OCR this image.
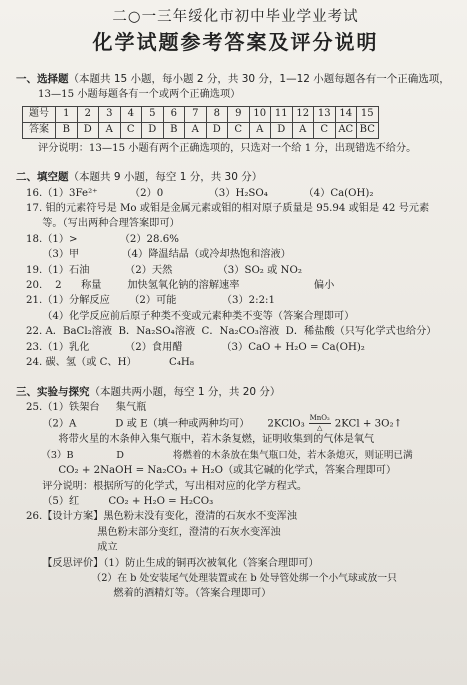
二○一三年绥化市初中毕业学业考试
化学试题参考答案及评分说明
一、选择题（本题共 15 小题，每小题 2 分，共 30 分，1—12 小题每题各有一个正确选项，
13—15 小题每题各有一个或两个正确选项）
题号	1	2	3	4	5	6	7	8	9	10	11	12	13	14	15
答案	B	D	A	C	D	B	A	D	C	A	D	A	C	AC	BC
评分说明：13—15 小题有两个正确选项的，只选对一个给 1 分，出现错选不给分。
二、填空题（本题共 9 小题，每空 1 分，共 30 分）
16.（1）3Fe²⁺          （2）0              （3）H₂SO₄           （4）Ca(OH)₂
17. 钼的元素符号是 Mo 或钼是金属元素或钼的相对原子质量是 95.94 或钼是 42 号元素
等。（写出两种合理答案即可）
18.（1）>             （2）28.6%
（3）甲             （4）降温结晶（或冷却热饱和溶液）
19.（1）石油           （2）天然              （3）SO₂ 或 NO₂
20.    2      称量        加快氢氧化钠的溶解速率                       偏小
21.（1）分解反应      （2）可能              （3）2:2:1
（4）化学反应前后原子种类不变或元素种类不变等（答案合理即可）
22. A．BaCl₂溶液  B．Na₂SO₄溶液  C．Na₂CO₃溶液  D．稀盐酸（只写化学式也给分）
23.（1）乳化           （2）食用醋            （3）CaO + H₂O = Ca(OH)₂
24. 碳、氢（或 C、H）          C₄H₈
三、实验与探究（本题共两小题，每空 1 分，共 20 分）
25.（1）铁架台     集气瓶
（2）A            D 或 E（填一种或两种均可） 2KClO₃MnO₂
△ 2KCl + 3O₂↑
将带火星的木条伸入集气瓶中，若木条复燃，证明收集到的气体是氧气
（3）B              D                将燃着的木条放在集气瓶口处，若木条熄灭，则证明已满
CO₂ + 2NaOH = Na₂CO₃ + H₂O（或其它碱的化学式，答案合理即可）
评分说明：根据所写的化学式，写出相对应的化学方程式。
（5）红         CO₂ + H₂O = H₂CO₃
26.【设计方案】黑色粉末没有变化，澄清的石灰水不变浑浊
黑色粉末部分变红，澄清的石灰水变浑浊
成立
【反思评价】（1）防止生成的铜再次被氧化（答案合理即可）
（2）在 b 处安装尾气处理装置或在 b 处导管处绑一个小气球或放一只
燃着的酒精灯等。（答案合理即可）
